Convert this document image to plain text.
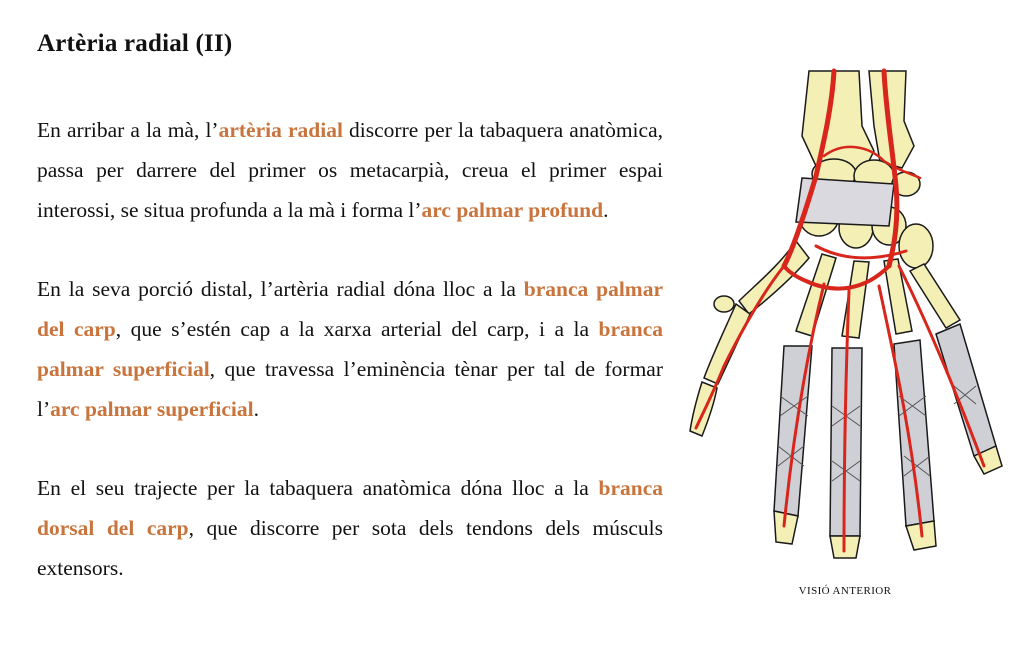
Artèria radial (II)

En arribar a la mà, l’artèria radial discorre per la tabaquera anatòmica, passa per darrere del primer os metacarpià, creua el primer espai interossi, se situa profunda a la mà i forma l’arc palmar profund.

En la seva porció distal, l’artèria radial dóna lloc a la branca palmar del carp, que s’estén cap a la xarxa arterial del carp, i a la branca palmar superficial, que travessa l’eminència tènar per tal de formar l’arc palmar superficial.

En el seu trajecte per la tabaquera anatòmica dóna lloc a la branca dorsal del carp, que discorre per sota dels tendons dels músculs extensors.

VISIÓ ANTERIOR
